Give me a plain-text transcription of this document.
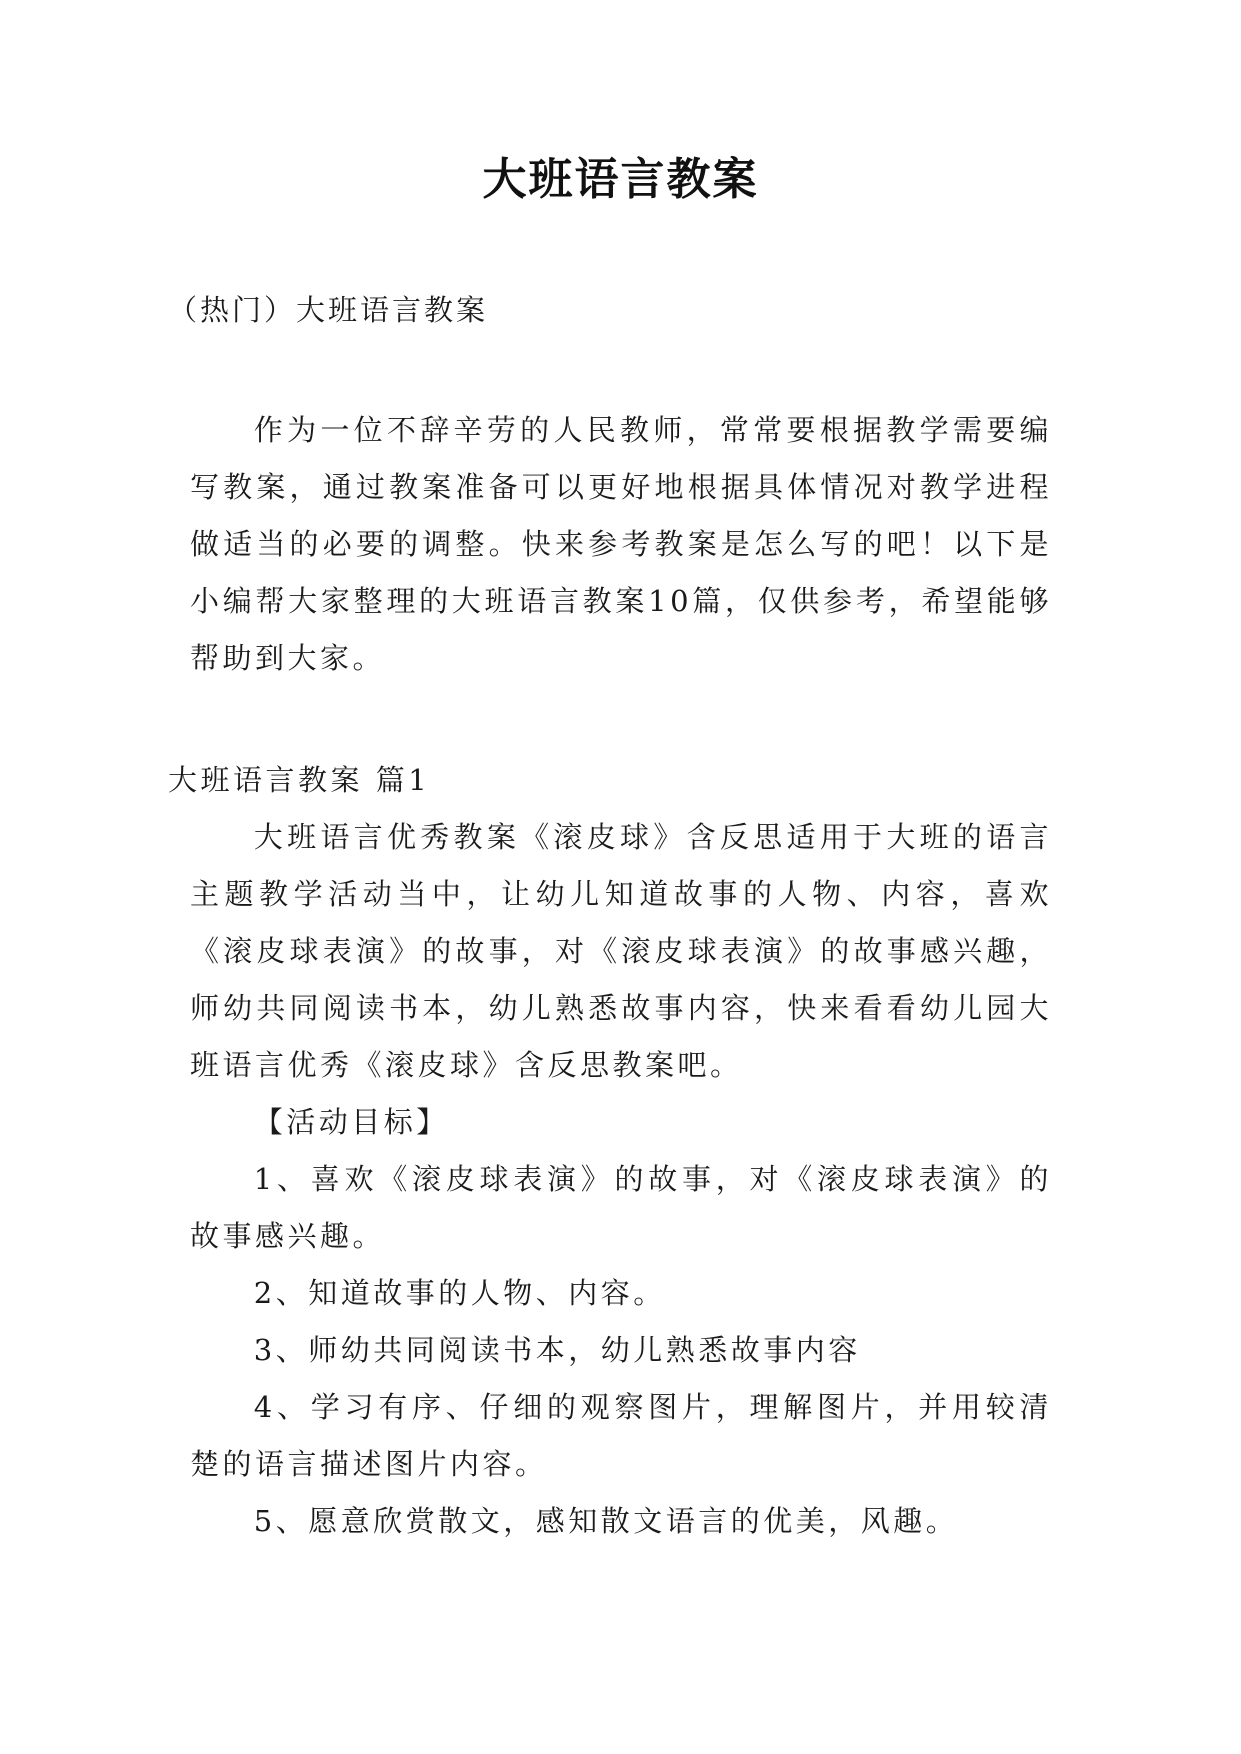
大班语言教案
（热门）大班语言教案

作为一位不辞辛劳的人民教师，常常要根据教学需要编写教案，通过教案准备可以更好地根据具体情况对教学进程做适当的必要的调整。快来参考教案是怎么写的吧！以下是小编帮大家整理的大班语言教案10篇，仅供参考，希望能够帮助到大家。

大班语言教案 篇1

大班语言优秀教案《滚皮球》含反思适用于大班的语言主题教学活动当中，让幼儿知道故事的人物、内容，喜欢《滚皮球表演》的故事，对《滚皮球表演》的故事感兴趣，师幼共同阅读书本，幼儿熟悉故事内容，快来看看幼儿园大班语言优秀《滚皮球》含反思教案吧。

【活动目标】

1、喜欢《滚皮球表演》的故事，对《滚皮球表演》的故事感兴趣。

2、知道故事的人物、内容。

3、师幼共同阅读书本，幼儿熟悉故事内容

4、学习有序、仔细的观察图片，理解图片，并用较清楚的语言描述图片内容。

5、愿意欣赏散文，感知散文语言的优美，风趣。
